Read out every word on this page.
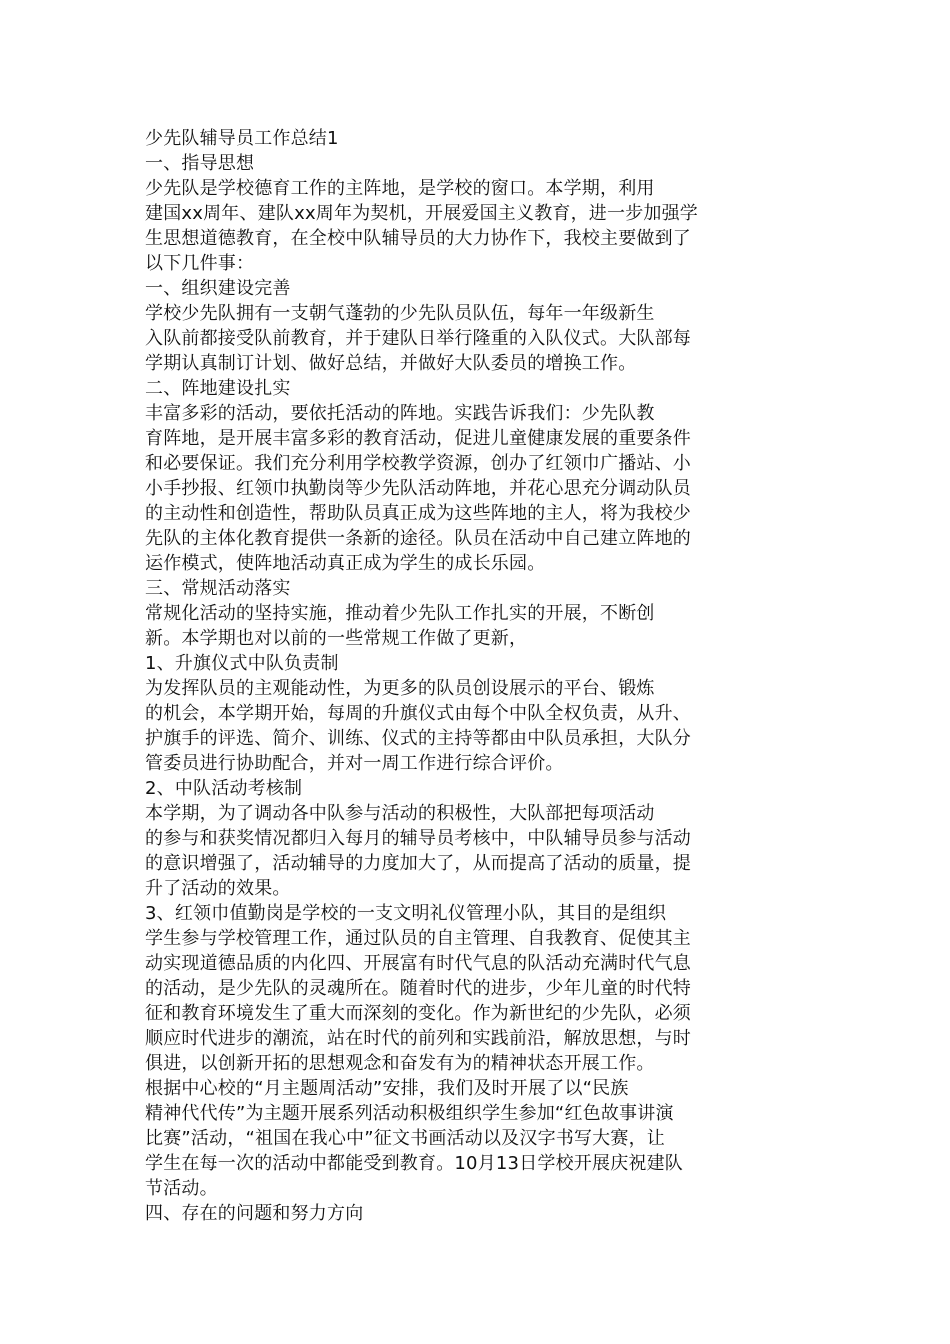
少先队辅导员工作总结1
一、指导思想
少先队是学校德育工作的主阵地，是学校的窗口。本学期，利用
建国xx周年、建队xx周年为契机，开展爱国主义教育，进一步加强学
生思想道德教育，在全校中队辅导员的大力协作下，我校主要做到了
以下几件事：
一、组织建设完善
学校少先队拥有一支朝气蓬勃的少先队员队伍，每年一年级新生
入队前都接受队前教育，并于建队日举行隆重的入队仪式。大队部每
学期认真制订计划、做好总结，并做好大队委员的增换工作。
二、阵地建设扎实
丰富多彩的活动，要依托活动的阵地。实践告诉我们：少先队教
育阵地，是开展丰富多彩的教育活动，促进儿童健康发展的重要条件
和必要保证。我们充分利用学校教学资源，创办了红领巾广播站、小
小手抄报、红领巾执勤岗等少先队活动阵地，并花心思充分调动队员
的主动性和创造性，帮助队员真正成为这些阵地的主人，将为我校少
先队的主体化教育提供一条新的途径。队员在活动中自己建立阵地的
运作模式，使阵地活动真正成为学生的成长乐园。
三、常规活动落实
常规化活动的坚持实施，推动着少先队工作扎实的开展，不断创
新。本学期也对以前的一些常规工作做了更新，
1、升旗仪式中队负责制
为发挥队员的主观能动性，为更多的队员创设展示的平台、锻炼
的机会，本学期开始，每周的升旗仪式由每个中队全权负责，从升、
护旗手的评选、简介、训练、仪式的主持等都由中队员承担，大队分
管委员进行协助配合，并对一周工作进行综合评价。
2、中队活动考核制
本学期，为了调动各中队参与活动的积极性，大队部把每项活动
的参与和获奖情况都归入每月的辅导员考核中，中队辅导员参与活动
的意识增强了，活动辅导的力度加大了，从而提高了活动的质量，提
升了活动的效果。
3、红领巾值勤岗是学校的一支文明礼仪管理小队，其目的是组织
学生参与学校管理工作，通过队员的自主管理、自我教育、促使其主
动实现道德品质的内化四、开展富有时代气息的队活动充满时代气息
的活动，是少先队的灵魂所在。随着时代的进步，少年儿童的时代特
征和教育环境发生了重大而深刻的变化。作为新世纪的少先队，必须
顺应时代进步的潮流，站在时代的前列和实践前沿，解放思想，与时
俱进，以创新开拓的思想观念和奋发有为的精神状态开展工作。
根据中心校的“月主题周活动”安排，我们及时开展了以“民族
精神代代传”为主题开展系列活动积极组织学生参加“红色故事讲演
比赛”活动，“祖国在我心中”征文书画活动以及汉字书写大赛，让
学生在每一次的活动中都能受到教育。10月13日学校开展庆祝建队
节活动。
四、存在的问题和努力方向
